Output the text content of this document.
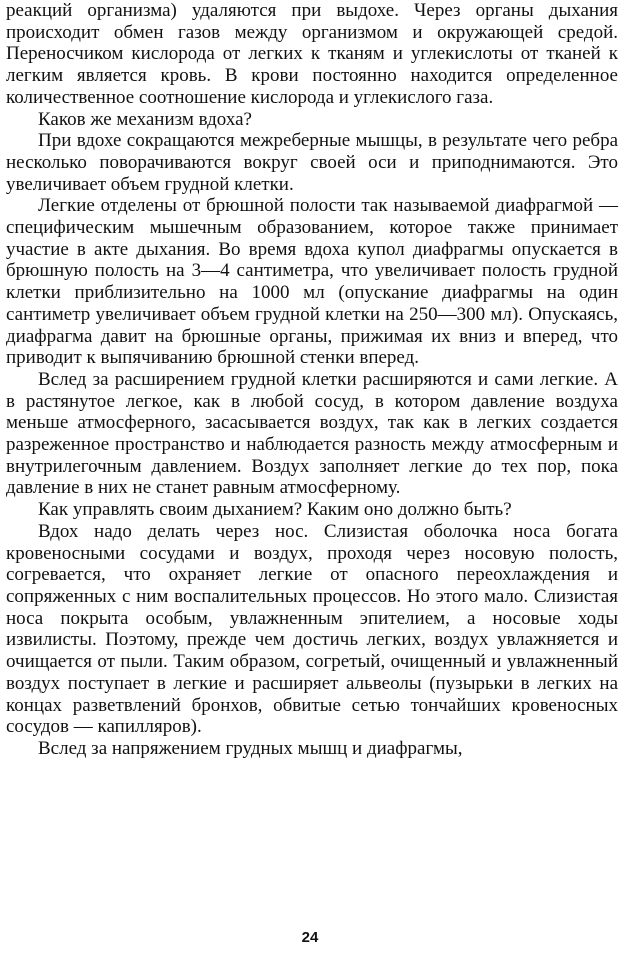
реакций организма) удаляются при выдохе. Через органы дыхания происходит обмен газов между организмом и окружающей средой. Переносчиком кислорода от легких к тканям и углекислоты от тканей к легким является кровь. В крови постоянно находится определенное количественное соотношение кислорода и углекислого газа.

Каков же механизм вдоха?

При вдохе сокращаются межреберные мышцы, в результате чего ребра несколько поворачиваются вокруг своей оси и приподнимаются. Это увеличивает объем грудной клетки.

Легкие отделены от брюшной полости так называемой диафрагмой — специфическим мышечным образованием, которое также принимает участие в акте дыхания. Во время вдоха купол диафрагмы опускается в брюшную полость на 3—4 сантиметра, что увеличивает полость грудной клетки приблизительно на 1000 мл (опускание диафрагмы на один сантиметр увеличивает объем грудной клетки на 250—300 мл). Опускаясь, диафрагма давит на брюшные органы, прижимая их вниз и вперед, что приводит к выпячиванию брюшной стенки вперед.

Вслед за расширением грудной клетки расширяются и сами легкие. А в растянутое легкое, как в любой сосуд, в котором давление воздуха меньше атмосферного, засасывается воздух, так как в легких создается разреженное пространство и наблюдается разность между атмосферным и внутрилегочным давлением. Воздух заполняет легкие до тех пор, пока давление в них не станет равным атмосферному.

Как управлять своим дыханием? Каким оно должно быть?

Вдох надо делать через нос. Слизистая оболочка носа богата кровеносными сосудами и воздух, проходя через носовую полость, согревается, что охраняет легкие от опасного переохлаждения и сопряженных с ним воспалительных процессов. Но этого мало. Слизистая носа покрыта особым, увлажненным эпителием, а носовые ходы извилисты. Поэтому, прежде чем достичь легких, воздух увлажняется и очищается от пыли. Таким образом, согретый, очищенный и увлажненный воздух поступает в легкие и расширяет альвеолы (пузырьки в легких на концах разветвлений бронхов, обвитые сетью тончайших кровеносных сосудов — капилляров).

Вслед за напряжением грудных мышц и диафрагмы,

24
